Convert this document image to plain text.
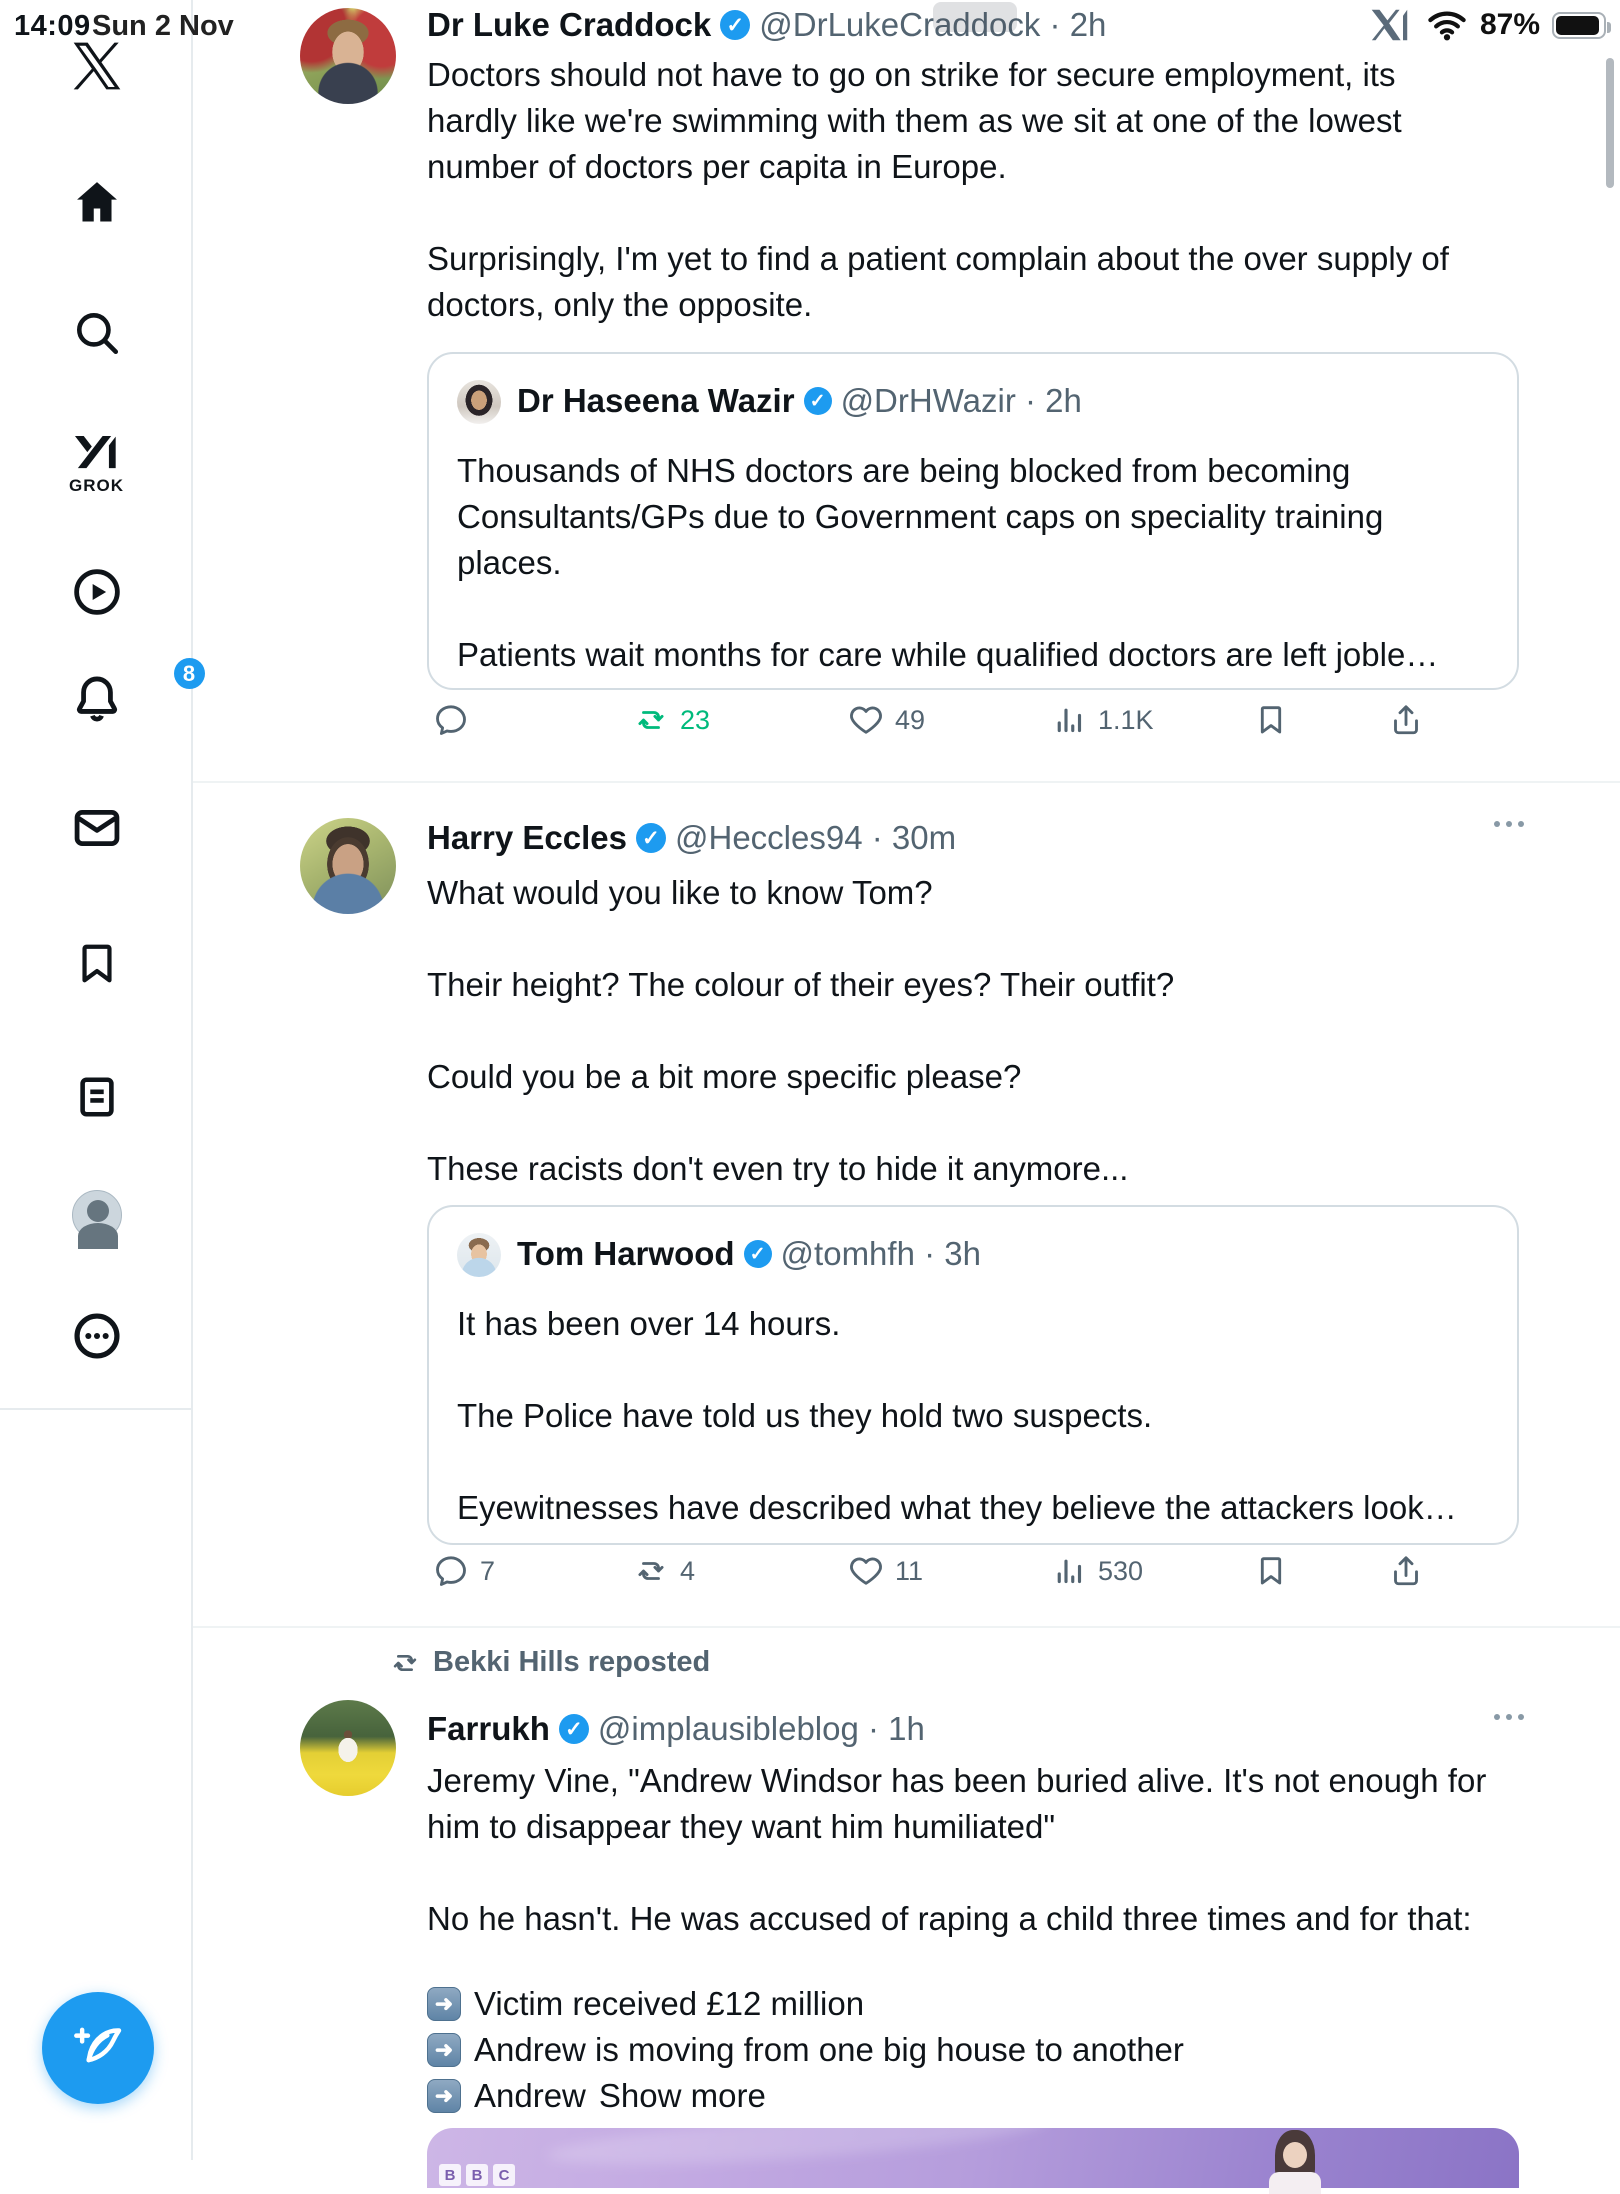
14:09 Sun 2 Nov	87%
GROK
8
Dr Luke Craddock ✓ @DrLukeCraddock · 2h
Doctors should not have to go on strike for secure employment, its
hardly like we're swimming with them as we sit at one of the lowest
number of doctors per capita in Europe.
Surprisingly, I'm yet to find a patient complain about the over supply of
doctors, only the opposite.
Dr Haseena Wazir ✓ @DrHWazir · 2h
Thousands of NHS doctors are being blocked from becoming
Consultants/GPs due to Government caps on speciality training
places.
Patients wait months for care while qualified doctors are left joble…
23	49	1.1K
Harry Eccles ✓ @Heccles94 · 30m
What would you like to know Tom?
Their height? The colour of their eyes? Their outfit?
Could you be a bit more specific please?
These racists don't even try to hide it anymore...
Tom Harwood ✓ @tomhfh · 3h
It has been over 14 hours.
The Police have told us they hold two suspects.
Eyewitnesses have described what they believe the attackers look…
7	4	11	530
Bekki Hills reposted
Farrukh ✓ @implausibleblog · 1h
Jeremy Vine, "Andrew Windsor has been buried alive. It's not enough for
him to disappear they want him humiliated"
No he hasn't. He was accused of raping a child three times and for that:
➜ Victim received £12 million
➜ Andrew is moving from one big house to another
➜ Andrew Show more
B	B	C
